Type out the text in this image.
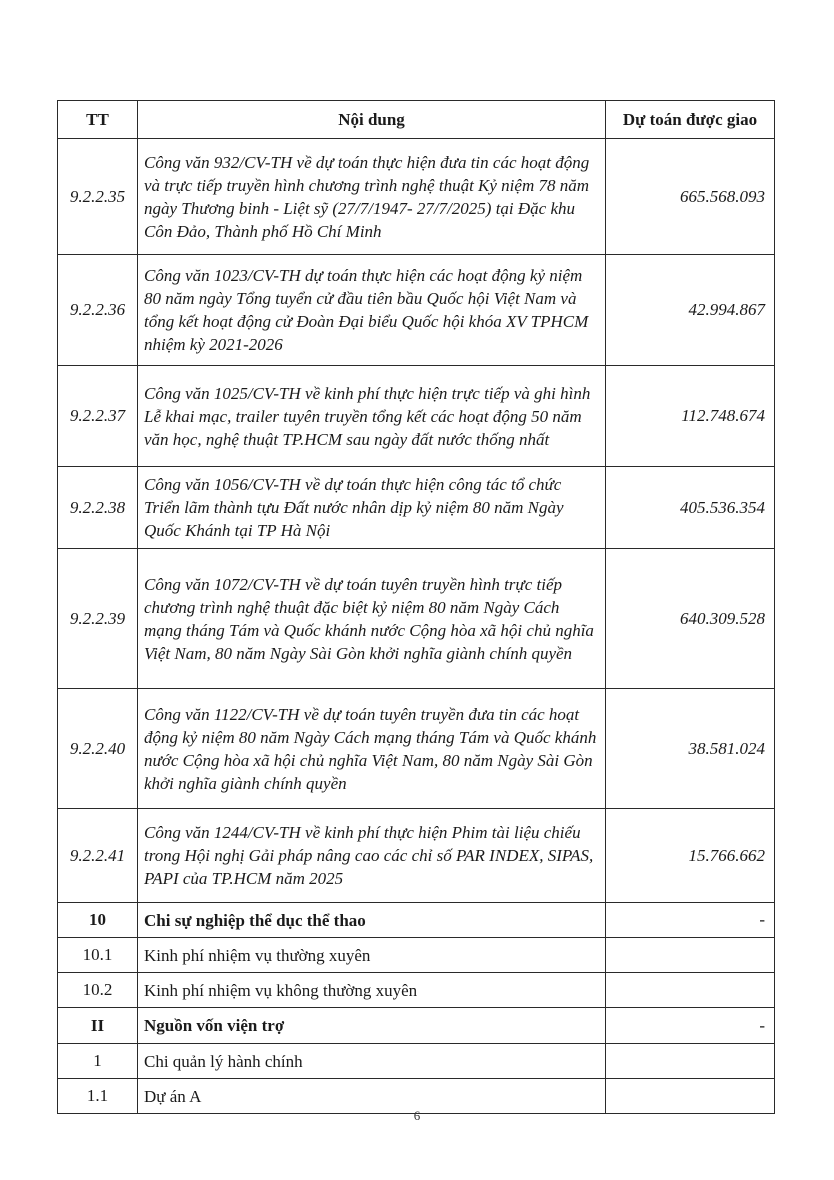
TT	Nội dung	Dự toán được giao
9.2.2.35	Công văn 932/CV-TH về dự toán thực hiện đưa tin các hoạt động và trực tiếp truyền hình chương trình nghệ thuật Kỷ niệm 78 năm ngày Thương binh - Liệt sỹ (27/7/1947- 27/7/2025) tại Đặc khu Côn Đảo, Thành phố Hồ Chí Minh	665.568.093
9.2.2.36	Công văn 1023/CV-TH dự toán thực hiện các hoạt động kỷ niệm 80 năm ngày Tổng tuyển cử đầu tiên bầu Quốc hội Việt Nam và tổng kết hoạt động cử Đoàn Đại biểu Quốc hội khóa XV TPHCM nhiệm kỳ 2021-2026	42.994.867
9.2.2.37	Công văn 1025/CV-TH về kinh phí thực hiện trực tiếp và ghi hình Lễ khai mạc, trailer tuyên truyền tổng kết các hoạt động 50 năm văn học, nghệ thuật TP.HCM sau ngày đất nước thống nhất	112.748.674
9.2.2.38	Công văn 1056/CV-TH về dự toán thực hiện công tác tổ chức Triển lãm thành tựu Đất nước nhân dịp kỷ niệm 80 năm Ngày Quốc Khánh tại TP Hà Nội	405.536.354
9.2.2.39	Công văn 1072/CV-TH về dự toán tuyên truyền hình trực tiếp chương trình nghệ thuật đặc biệt kỷ niệm 80 năm Ngày Cách mạng tháng Tám và Quốc khánh nước Cộng hòa xã hội chủ nghĩa Việt Nam, 80 năm Ngày Sài Gòn khởi nghĩa giành chính quyền	640.309.528
9.2.2.40	Công văn 1122/CV-TH về dự toán tuyên truyền đưa tin các hoạt động kỷ niệm 80 năm Ngày Cách mạng tháng Tám và Quốc khánh nước Cộng hòa xã hội chủ nghĩa Việt Nam, 80 năm Ngày Sài Gòn khởi nghĩa giành chính quyền	38.581.024
9.2.2.41	Công văn 1244/CV-TH về kinh phí thực hiện Phim tài liệu chiếu trong Hội nghị Gải pháp nâng cao các chỉ số PAR INDEX, SIPAS, PAPI của TP.HCM năm 2025	15.766.662
10	Chi sự nghiệp thể dục thể thao	-
10.1	Kinh phí nhiệm vụ thường xuyên	
10.2	Kinh phí nhiệm vụ không thường xuyên	
II	Nguồn vốn viện trợ	-
1	Chi quản lý hành chính	
1.1	Dự án A	
6
